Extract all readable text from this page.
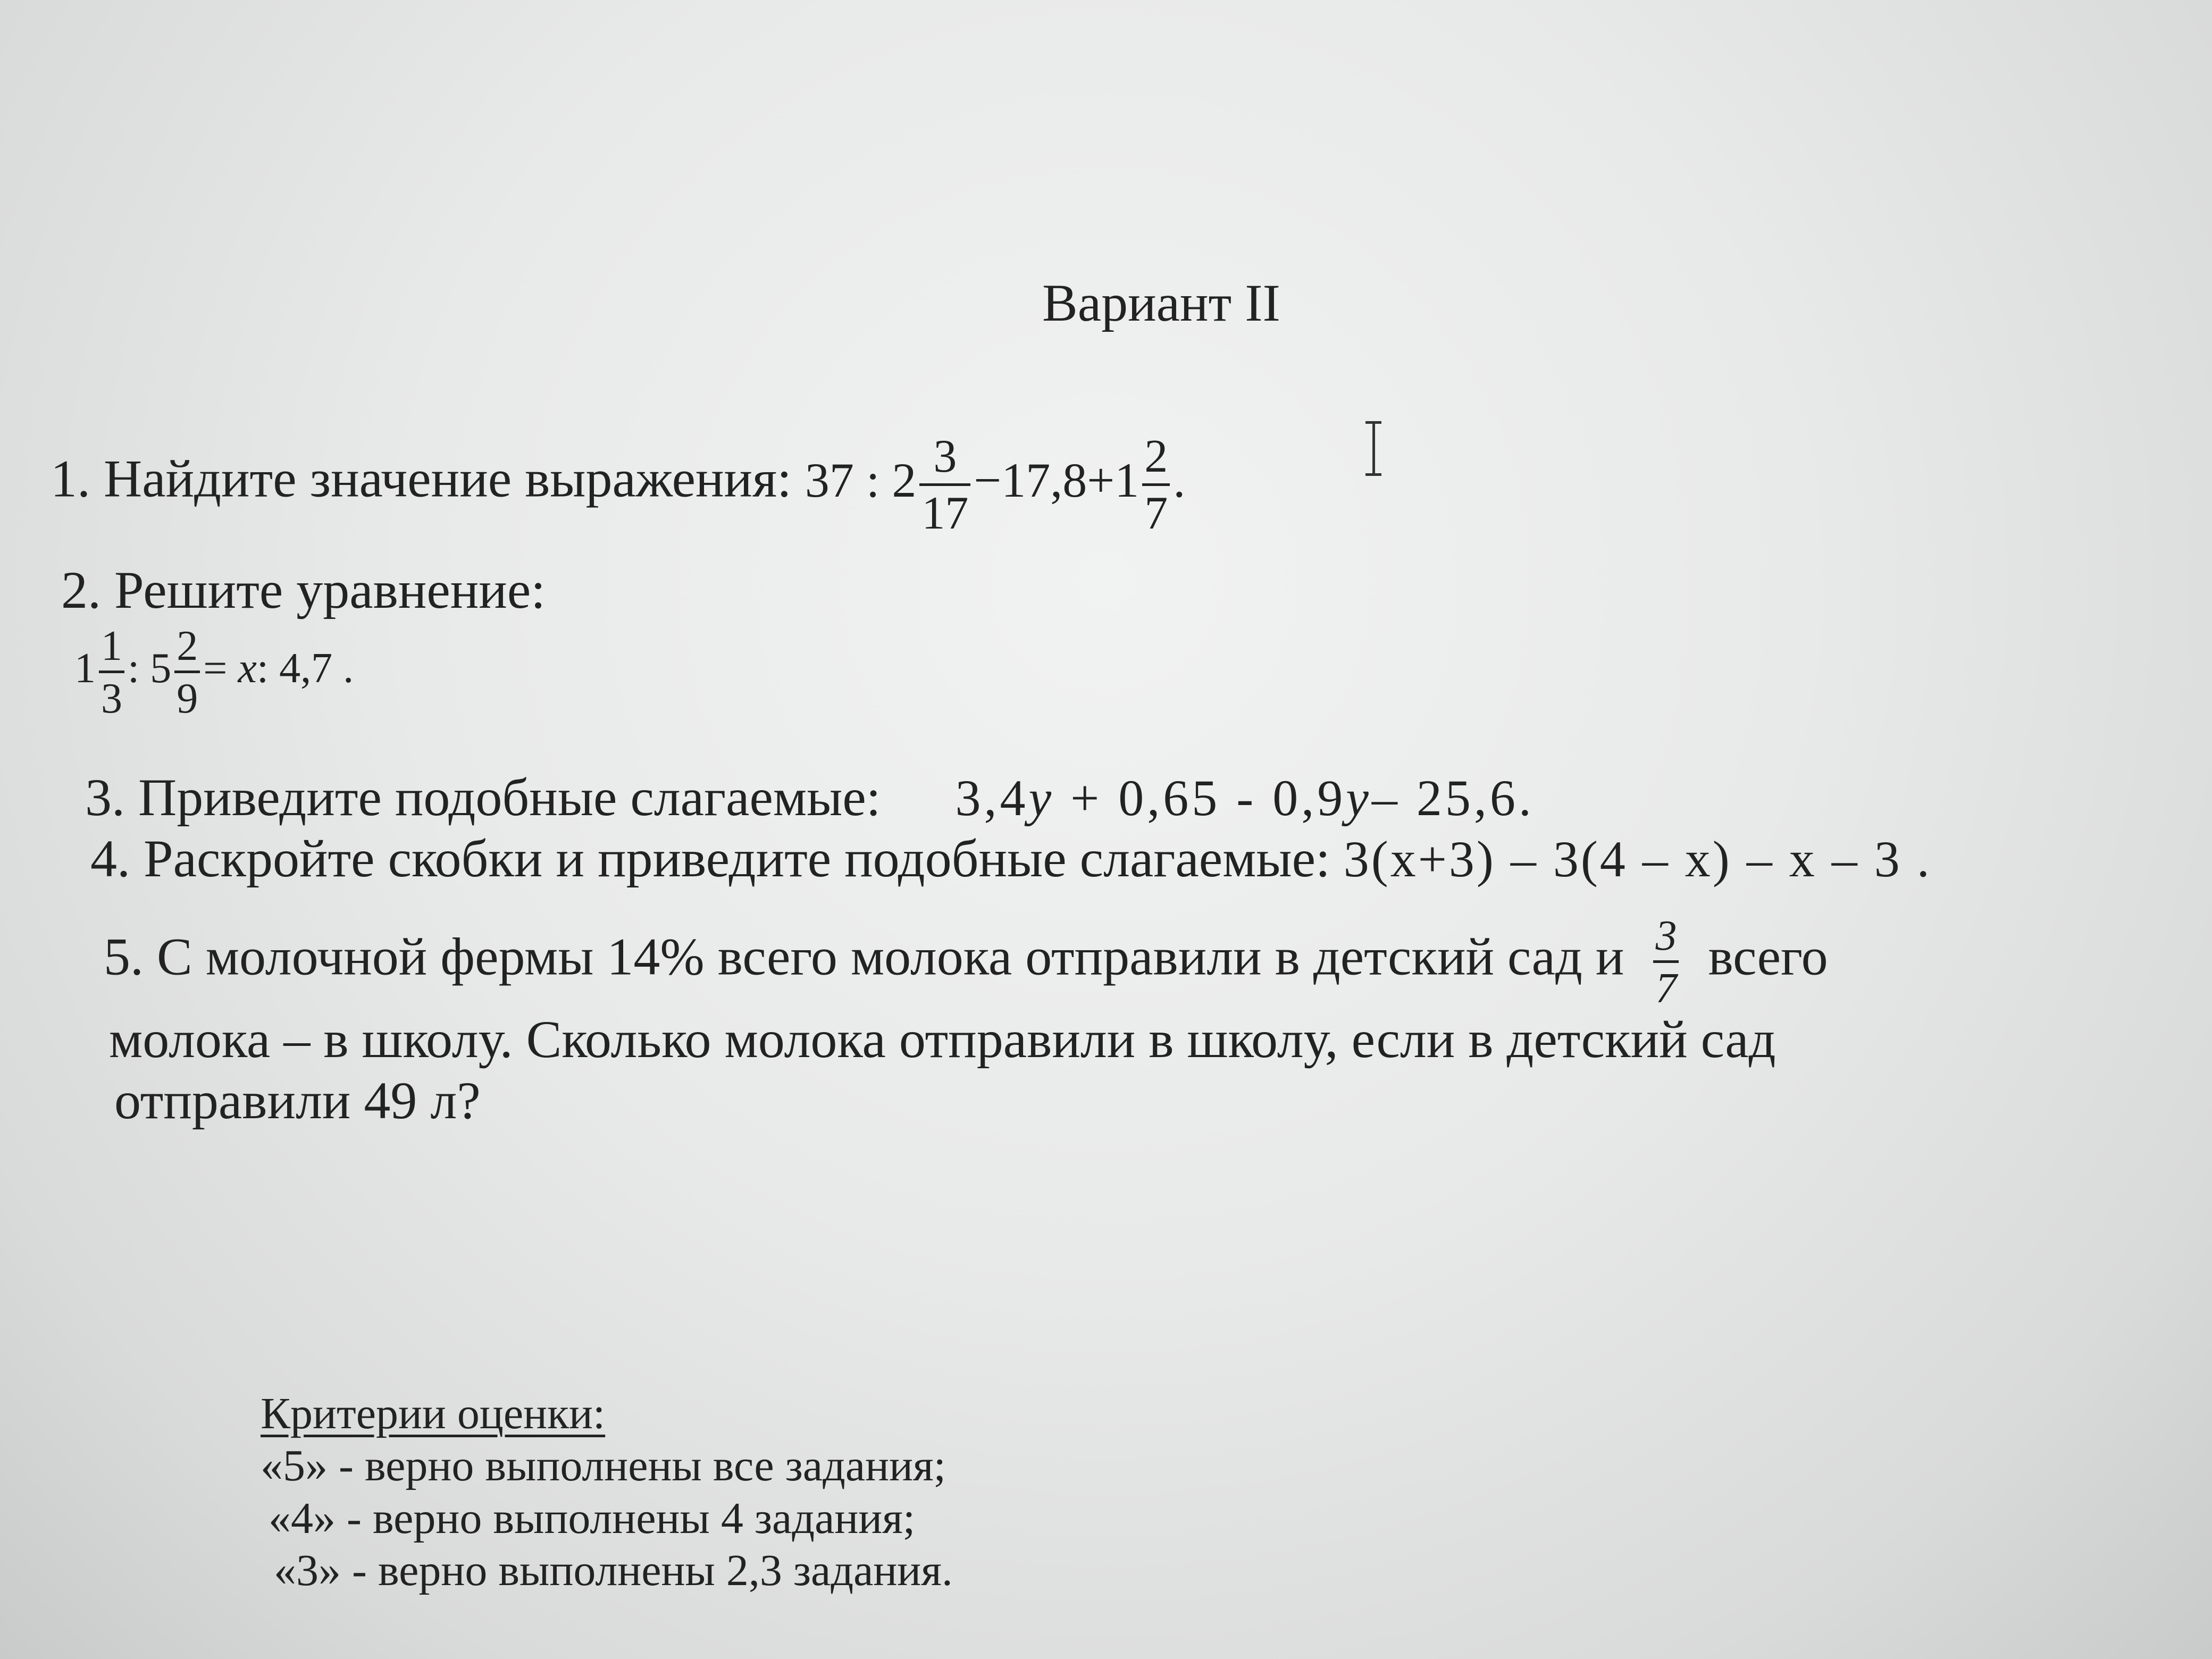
Вариант II
1. Найдите значение выражения: 37 : $2 \frac{3}{17} -17,8+1 \frac{2}{7}$ .
2. Решите уравнение:
$1 \frac{1}{3}$ : $5 \frac{2}{9} = x$: 4,7 .
3. Приведите подобные слагаемые: 3,4y + 0,65 - 0,9y– 25,6.
4. Раскройте скобки и приведите подобные слагаемые: 3(x+3) – 3(4 – x) – x – 3 .
5. С молочной фермы 14% всего молока отправили в детский сад и $\frac{3}{7}$ всего
молока – в школу. Сколько молока отправили в школу, если в детский сад
отправили 49 л?
Критерии оценки:
«5» - верно выполнены все задания;
«4» - верно выполнены 4 задания;
«3» - верно выполнены 2,3 задания.
